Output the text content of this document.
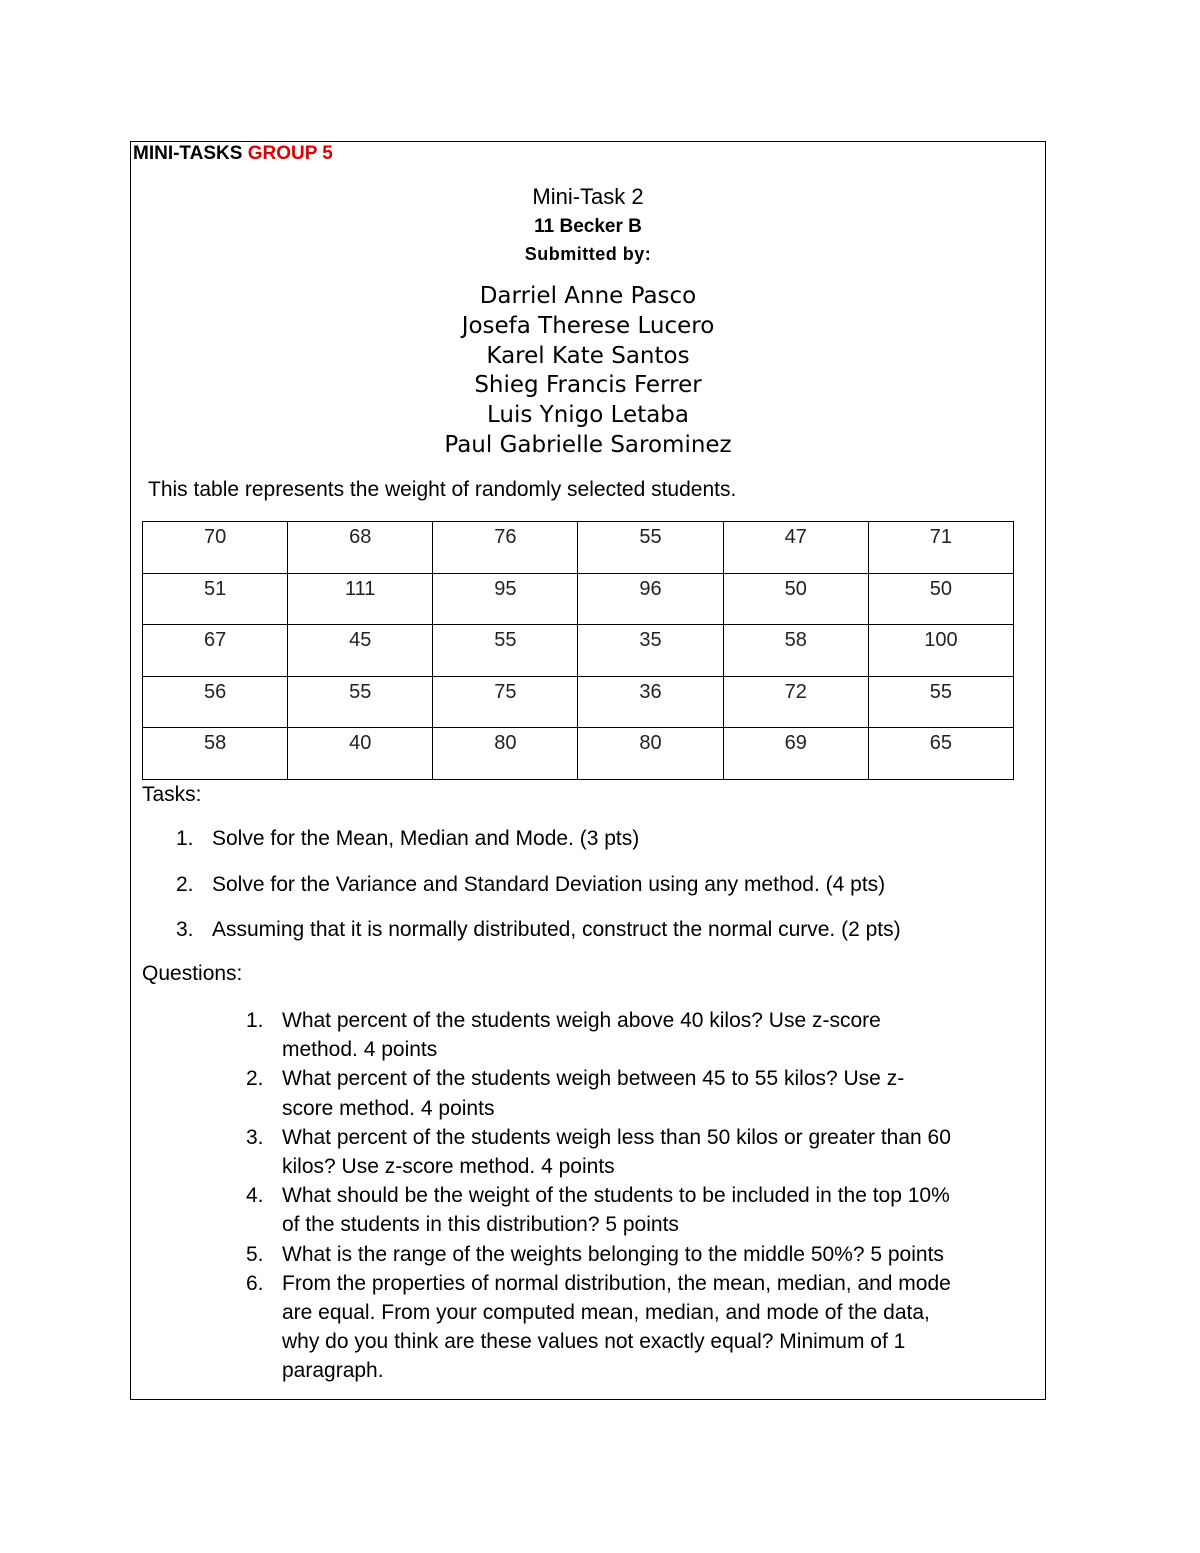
MINI-TASKS GROUP 5
Mini-Task 2
11 Becker B
Submitted by:
Darriel Anne Pasco
Josefa Therese Lucero
Karel Kate Santos
Shieg Francis Ferrer
Luis Ynigo Letaba
Paul Gabrielle Sarominez
This table represents the weight of randomly selected students.
70	68	76	55	47	71
51	111	95	96	50	50
67	45	55	35	58	100
56	55	75	36	72	55
58	40	80	80	69	65
Tasks:
1. Solve for the Mean, Median and Mode. (3 pts)
2. Solve for the Variance and Standard Deviation using any method. (4 pts)
3. Assuming that it is normally distributed, construct the normal curve. (2 pts)
Questions:
1. What percent of the students weigh above 40 kilos? Use z-score
method. 4 points
2. What percent of the students weigh between 45 to 55 kilos? Use z-
score method. 4 points
3. What percent of the students weigh less than 50 kilos or greater than 60
kilos? Use z-score method. 4 points
4. What should be the weight of the students to be included in the top 10%
of the students in this distribution? 5 points
5. What is the range of the weights belonging to the middle 50%? 5 points
6. From the properties of normal distribution, the mean, median, and mode
are equal. From your computed mean, median, and mode of the data,
why do you think are these values not exactly equal? Minimum of 1
paragraph.
